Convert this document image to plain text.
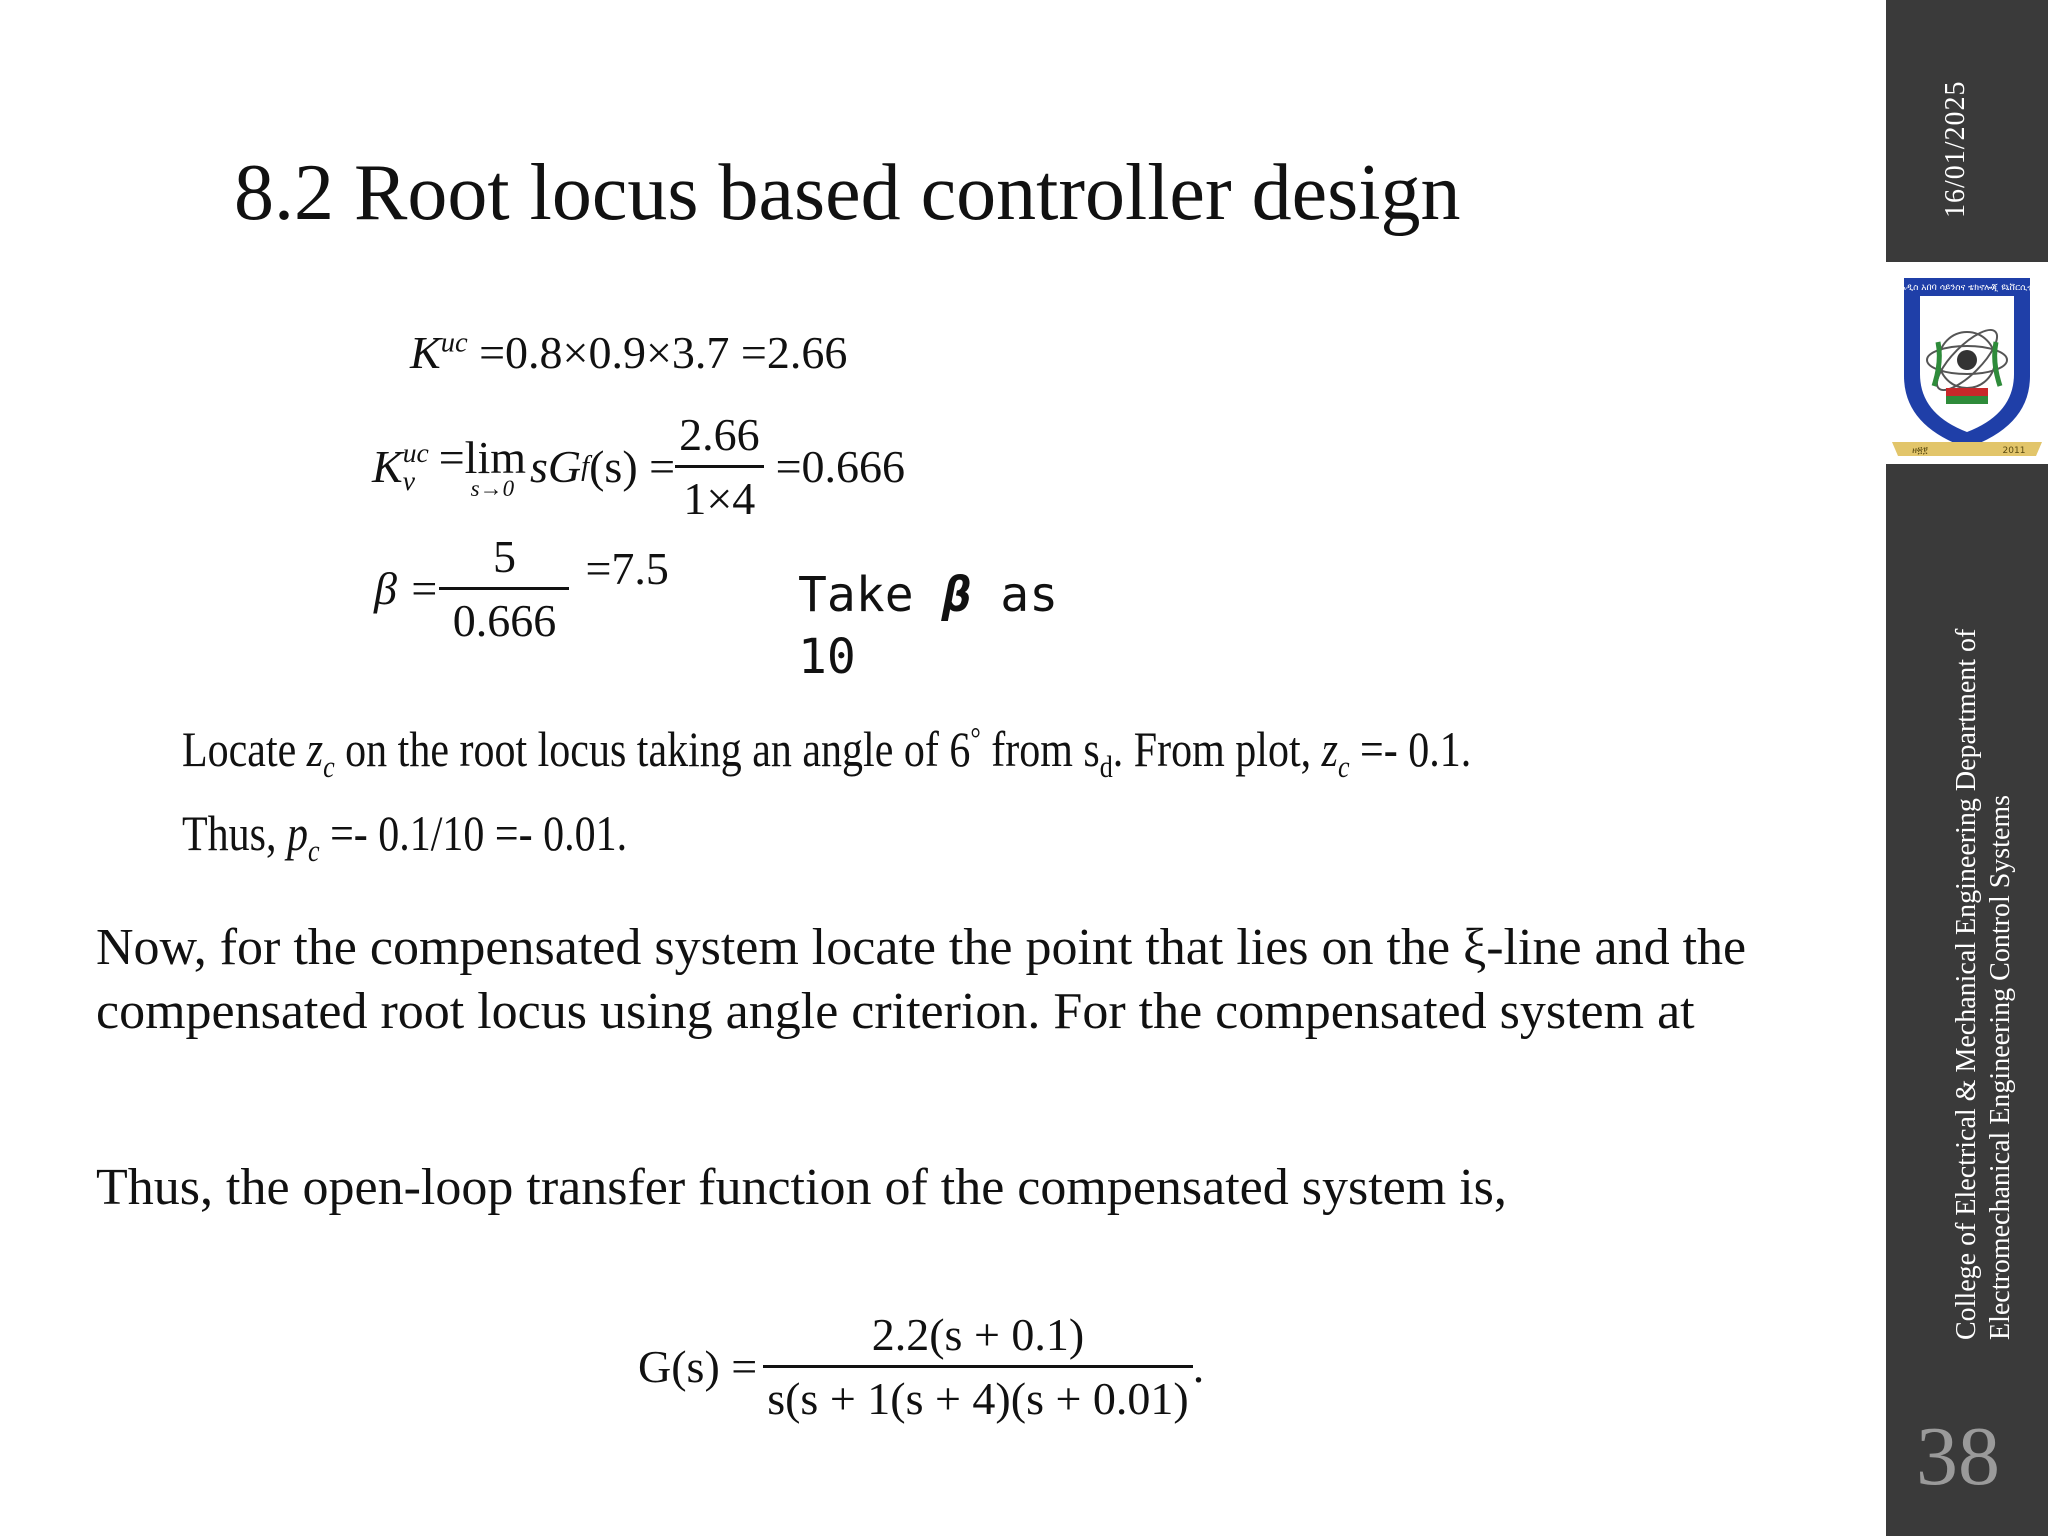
16/01/2025
አዲስ አበባ ሳይንስና ቴክኖሎጂ ዩኒቨርሲቲ
ዘ፳፻	2011
College of Electrical & Mechanical Engineering Department of Electromechanical Engineering Control Systems
38
8.2 Root locus based controller design
$K^{uc} =0.8\times 0.9\times 3.7 =2.66$
K uc
v =lim
s→0 sG f $(s) = \frac{2.66}{1\times 4} =0.666$
$\beta = \frac{5}{0.666} =7.5$	Take β as
10
Locate $z_c$ on the root locus taking an angle of 6° from $s_d$. From plot, $z_c =- 0.1$.
Thus, $p_c =- 0.1/10 =- 0.01$.
Now, for the compensated system locate the point that lies on the ξ-line and the compensated root locus using angle criterion. For the compensated system at
Thus, the open-loop transfer function of the compensated system is,
$G(s) = \frac{2.2(s + 0.1)}{s(s + 1(s + 4)(s + 0.01)}$ .
